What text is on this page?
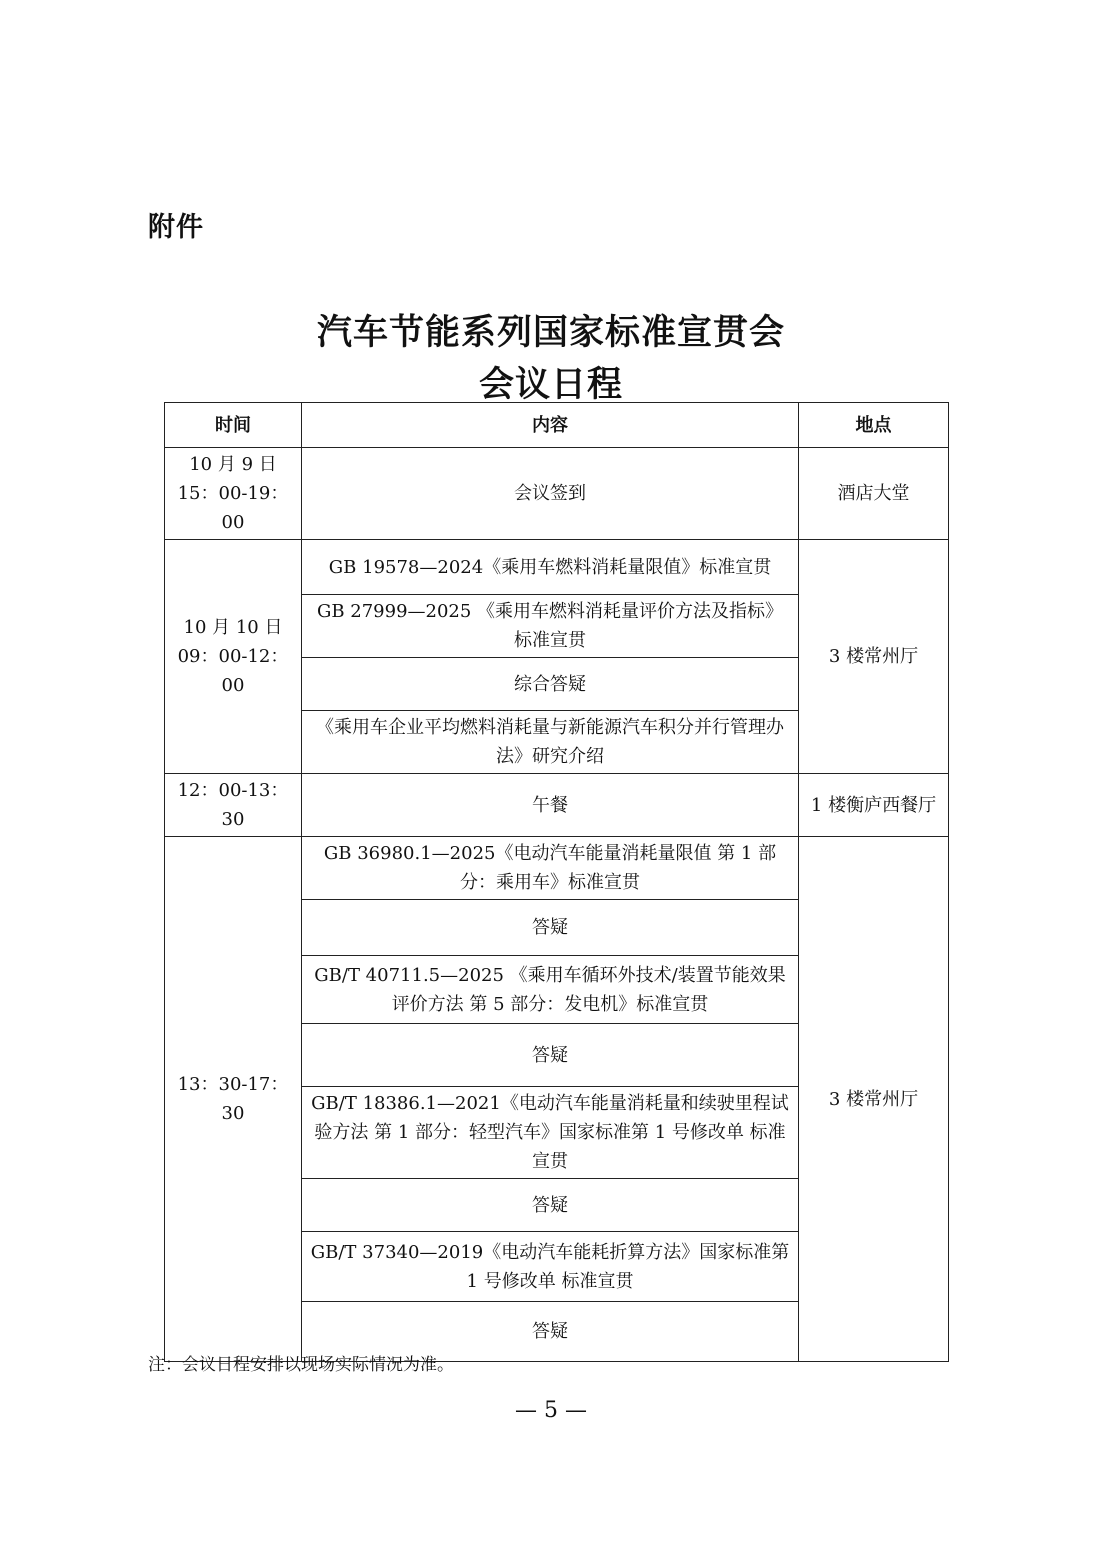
附件
汽车节能系列国家标准宣贯会
会议日程
时间	内容	地点

10 月 9 日
15：00-19：00	会议签到	酒店大堂

10 月 10 日
09：00-12：00	GB 19578—2024《乘用车燃料消耗量限值》标准宣贯	3 楼常州厅
	GB 27999—2025 《乘用车燃料消耗量评价方法及指标》标准宣贯	
	综合答疑	
	《乘用车企业平均燃料消耗量与新能源汽车积分并行管理办法》研究介绍	
12：00-13：30	午餐	1 楼衡庐西餐厅
13：30-17：30	GB 36980.1—2025《电动汽车能量消耗量限值 第 1 部分：乘用车》标准宣贯	3 楼常州厅
	答疑	
	GB/T 40711.5—2025 《乘用车循环外技术/装置节能效果评价方法 第 5 部分：发电机》标准宣贯	
	答疑	
	GB/T 18386.1—2021《电动汽车能量消耗量和续驶里程试验方法 第 1 部分：轻型汽车》国家标准第 1 号修改单 标准宣贯	
	答疑	
	GB/T 37340—2019《电动汽车能耗折算方法》国家标准第 1 号修改单 标准宣贯	
	答疑	
注：会议日程安排以现场实际情况为准。
— 5 —
